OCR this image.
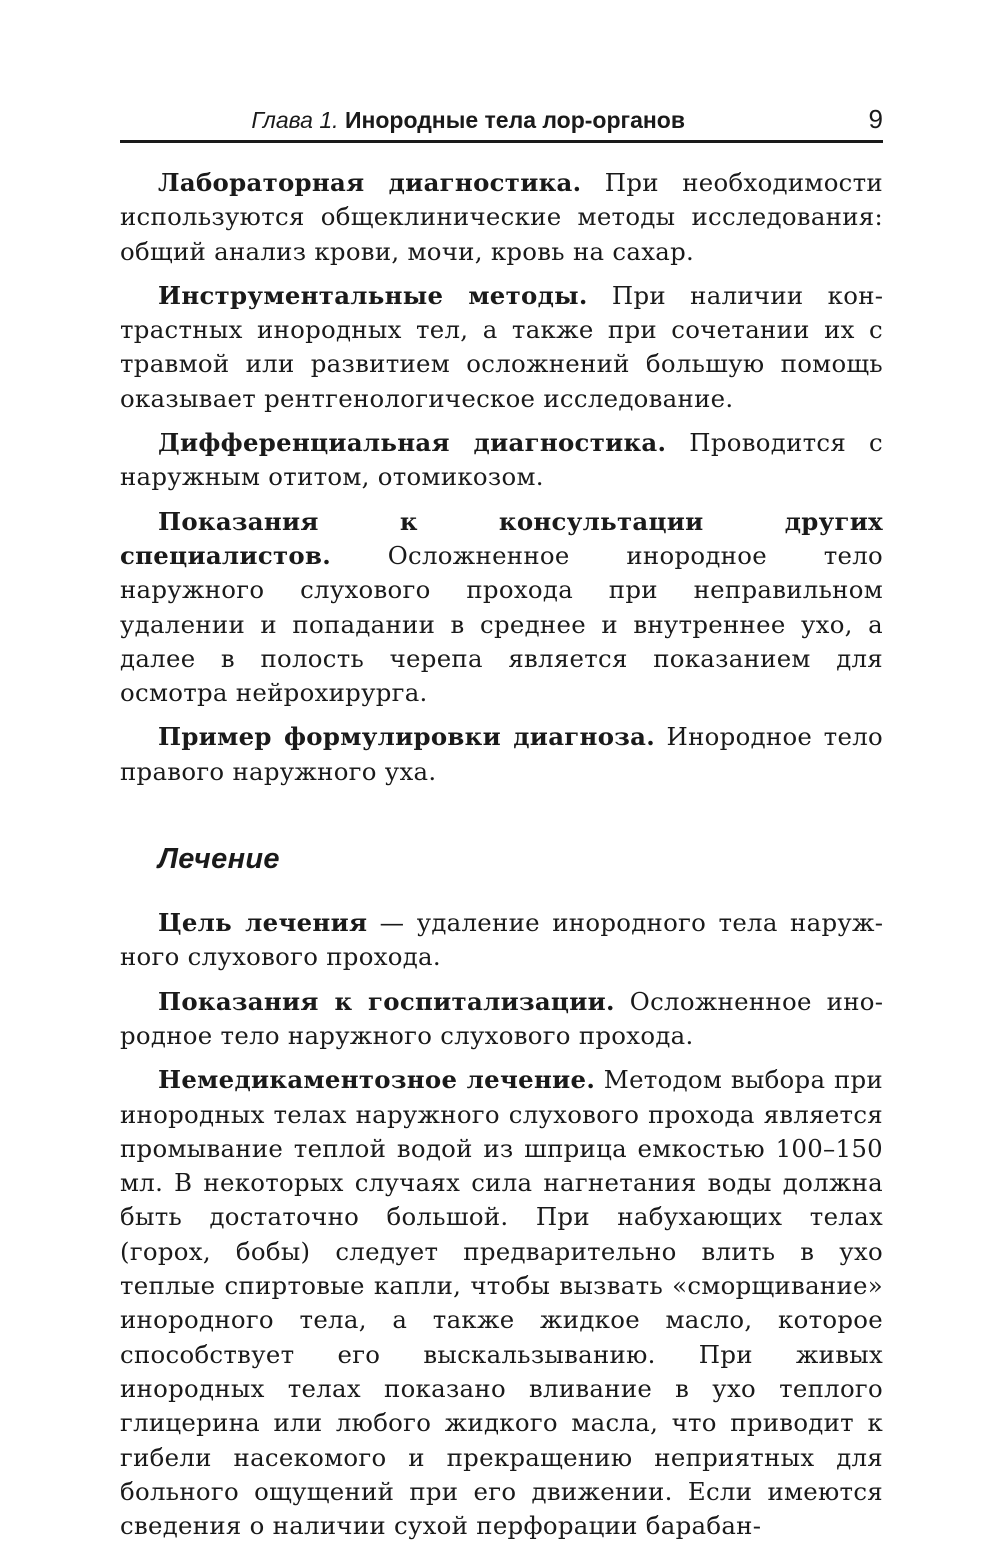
Глава 1. Инородные тела лор-органов	9

Лабораторная диагностика. При необходимости используются общеклинические методы исследования: общий анализ крови, мочи, кровь на сахар.

Инструментальные методы. При наличии контрастных инородных тел, а также при сочетании их с травмой или развитием осложнений большую помощь оказывает рентгенологическое исследование.

Дифференциальная диагностика. Проводится с наружным отитом, отомикозом.

Показания к консультации других специалистов. Осложненное инородное тело наружного слухового прохода при неправильном удалении и попадании в среднее и внутреннее ухо, а далее в полость черепа является показанием для осмотра нейрохирурга.

Пример формулировки диагноза. Инородное тело правого наружного уха.

Лечение

Цель лечения — удаление инородного тела наружного слухового прохода.

Показания к госпитализации. Осложненное инородное тело наружного слухового прохода.

Немедикаментозное лечение. Методом выбора при инородных телах наружного слухового прохода является промывание теплой водой из шприца емкостью 100–150 мл. В некоторых случаях сила нагнетания воды должна быть достаточно большой. При набухающих телах (горох, бобы) следует предварительно влить в ухо теплые спиртовые капли, чтобы вызвать «сморщивание» инородного тела, а также жидкое масло, которое способствует его выскальзыванию. При живых инородных телах показано вливание в ухо теплого глицерина или любого жидкого масла, что приводит к гибели насекомого и прекращению неприятных для больного ощущений при его движении. Если имеются сведения о наличии сухой перфорации барабан-
